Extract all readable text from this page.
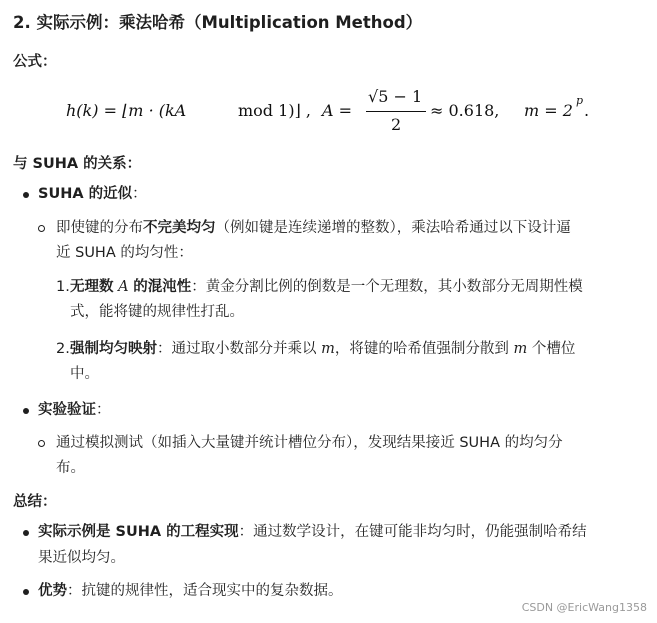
2. 实际示例：乘法哈希（Multiplication Method）
公式：
h(k) = ⌊m · (kA	mod 1)⌋ , A =
√5 − 1
2
≈ 0.618, m = 2
p
.
与 SUHA 的关系：
SUHA 的近似：
即使键的分布不完美均匀（例如键是连续递增的整数），乘法哈希通过以下设计逼
近 SUHA 的均匀性：
1. 无理数 A 的混沌性：黄金分割比例的倒数是一个无理数，其小数部分无周期性模
式，能将键的规律性打乱。
2. 强制均匀映射：通过取小数部分并乘以 m，将键的哈希值强制分散到 m 个槽位
中。
实验验证：
通过模拟测试（如插入大量键并统计槽位分布），发现结果接近 SUHA 的均匀分
布。
总结：
实际示例是 SUHA 的工程实现：通过数学设计，在键可能非均匀时，仍能强制哈希结
果近似均匀。
优势：抗键的规律性，适合现实中的复杂数据。
CSDN @EricWang1358
